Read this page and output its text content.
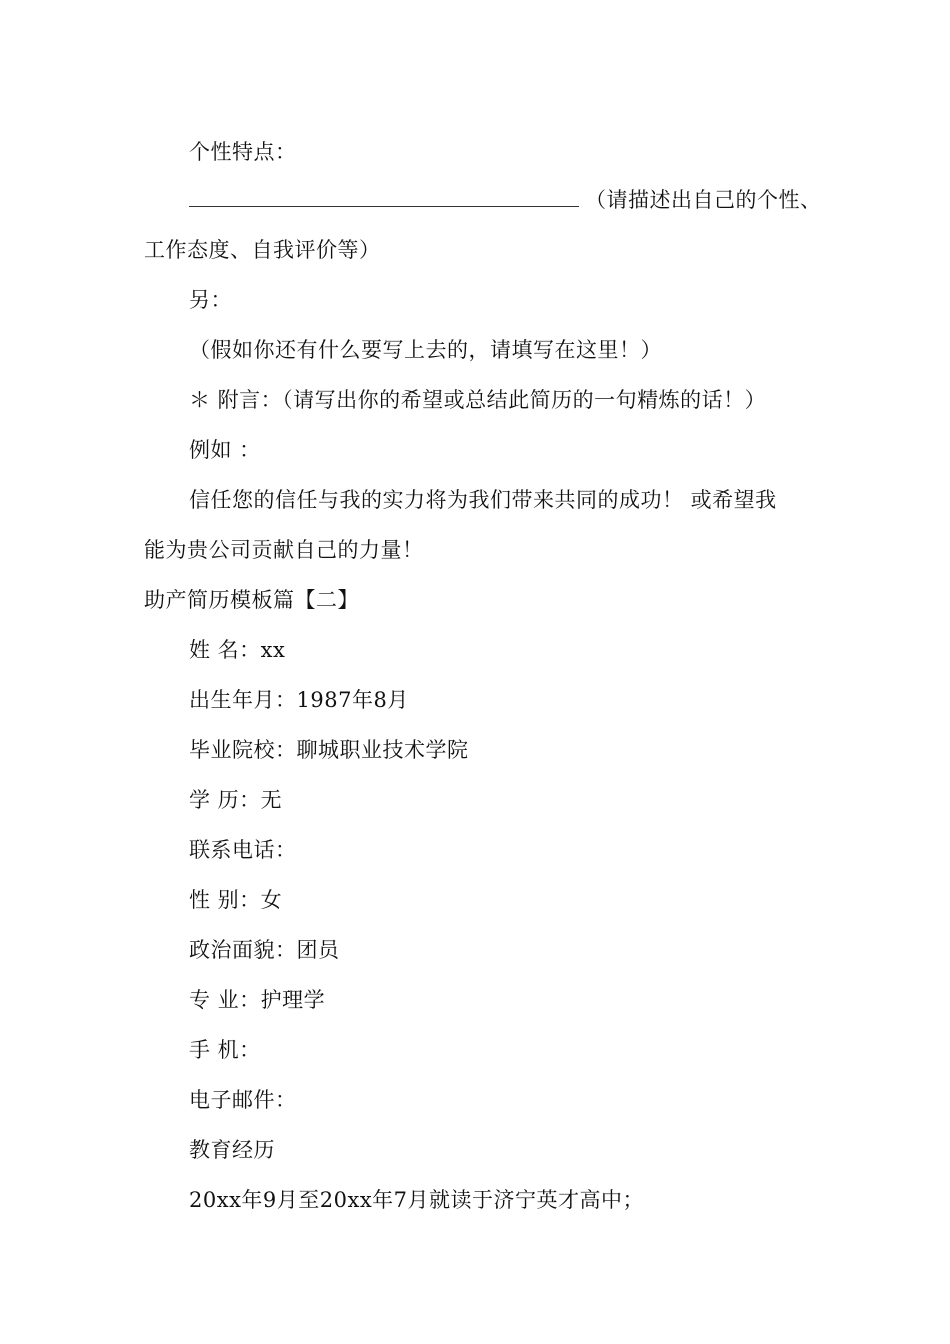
个性特点：
（请描述出自己的个性、
工作态度、自我评价等）
另：
（假如你还有什么要写上去的，请填写在这里！）
＊ 附言：（请写出你的希望或总结此简历的一句精炼的话！）
例如 ：
信任您的信任与我的实力将为我们带来共同的成功！ 或希望我
能为贵公司贡献自己的力量！
助产简历模板篇【二】
姓 名：xx
出生年月：1987年8月
毕业院校：聊城职业技术学院
学 历：无
联系电话：
性 别：女
政治面貌：团员
专 业：护理学
手 机：
电子邮件：
教育经历
20xx年9月至20xx年7月就读于济宁英才高中；
